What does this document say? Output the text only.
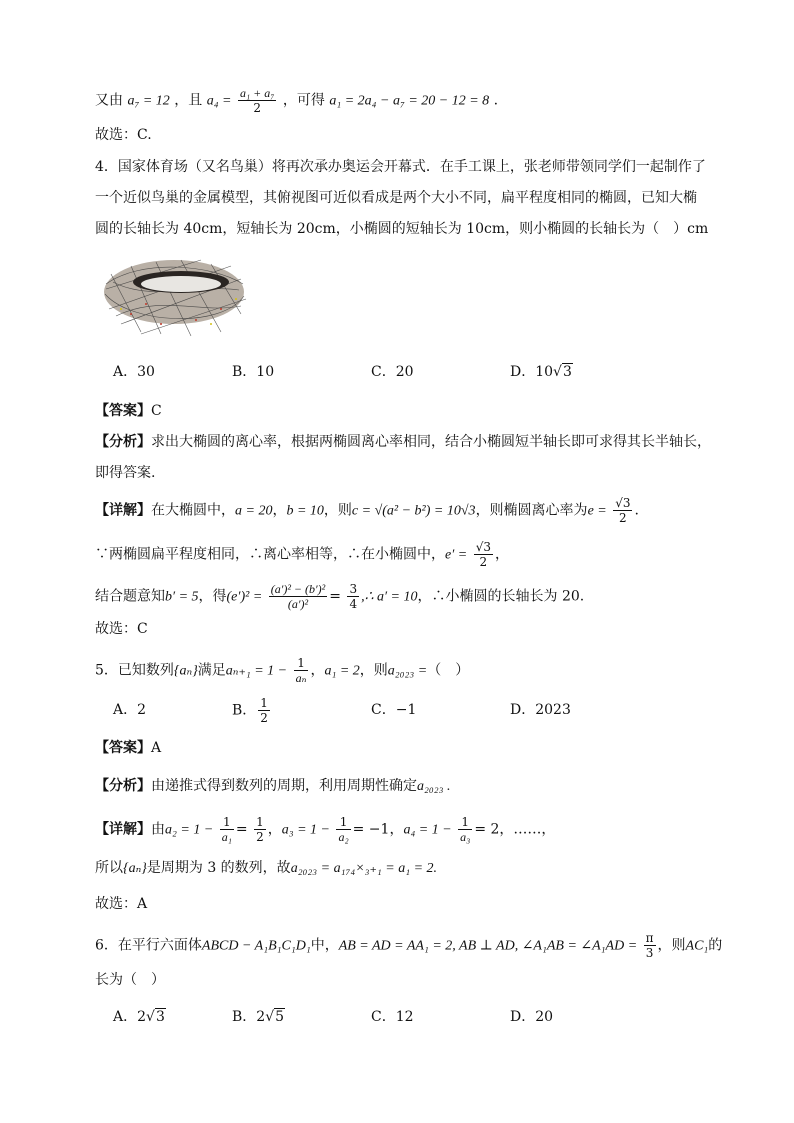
又由 a₇ = 12 ，且 $a_4 = \frac{\text{a₁ + a₇}}{2}$ ，可得 a₁ = 2a₄ − a₇ = 20 − 12 = 8 .
故选：C.
4．国家体育场（又名鸟巢）将再次承办奥运会开幕式．在手工课上，张老师带领同学们一起制作了
一个近似鸟巢的金属模型，其俯视图可近似看成是两个大小不同，扁平程度相同的椭圆，已知大椭
圆的长轴长为 40cm，短轴长为 20cm，小椭圆的短轴长为 10cm，则小椭圆的长轴长为（　）cm
A．30	B．10	C．20	D．10√3
【答案】C
【分析】求出大椭圆的离心率，根据两椭圆离心率相同，结合小椭圆短半轴长即可求得其长半轴长，
即得答案.
【详解】在大椭圆中，a = 20，b = 10，则c = √(a² − b²) = 10√3，则椭圆离心率为$e = \frac{√3}{2}$ .
∵两椭圆扁平程度相同，∴离心率相等，∴在小椭圆中，$e' = \frac{√3}{2}$ ，
结合题意知b′ = 5，得$(e')^2 = \frac{\text{(a′)² − (b′)²}}{\text{(a′)²}} = \frac{3}{4}$ ,∴ a′ = 10，∴小椭圆的长轴长为 20.
故选：C
5．已知数列{aₙ}满足$a_{n+1} = 1 - \frac{1}{\text{aₙ}}$ ，a₁ = 2，则a₂₀₂₃ =（　）
A．2	B． $\frac{1}{2}$	C．−1	D．2023
【答案】A
【分析】由递推式得到数列的周期，利用周期性确定a₂₀₂₃ .
【详解】由$a_2 = 1 - \frac{1}{\text{a₁}} = \frac{1}{2}$ ，$a_3 = 1 - \frac{1}{\text{a₂}} = -1$，$a_4 = 1 - \frac{1}{\text{a₃}} = 2$，……，
所以{aₙ}是周期为 3 的数列，故a₂₀₂₃ = a₁₇₄×₃₊₁ = a₁ = 2.
故选：A
6．在平行六面体ABCD − A₁B₁C₁D₁中，AB = AD = AA₁ = 2, AB ⊥ AD, ∠A₁AB = ∠A₁AD = $\frac{\pi}{3}$ ，则AC₁的
长为（　）
A．2√3	B．2√5	C．12	D．20
